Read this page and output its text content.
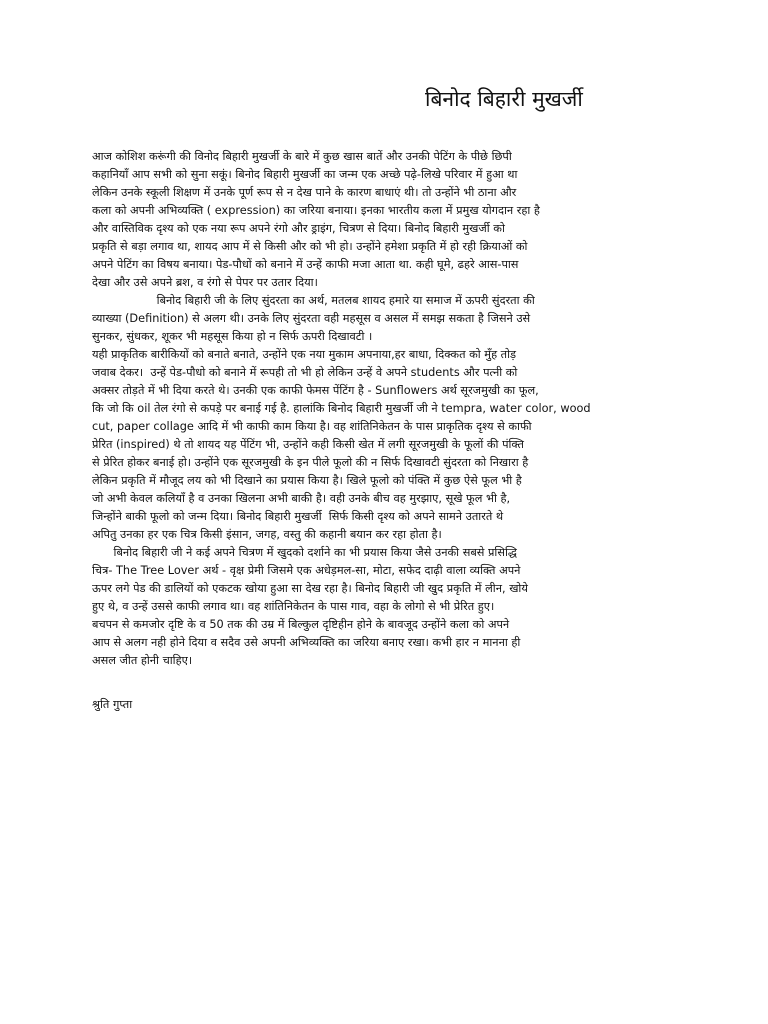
बिनोद बिहारी मुखर्जी
आज कोशिश करूंगी की विनोद बिहारी मुखर्जी के बारे में कुछ खास बातें और उनकी पेटिंग के पीछे छिपी
कहानियाँ आप सभी को सुना सकूं। बिनोद बिहारी मुखर्जी का जन्म एक अच्छे पढ़े-लिखे परिवार में हुआ था
लेकिन उनके स्कूली शिक्षण में उनके पूर्ण रूप से न देख पाने के कारण बाधाएं थी। तो उन्होंने भी ठाना और
कला को अपनी अभिव्यक्ति ( expression) का जरिया बनाया। इनका भारतीय कला में प्रमुख योगदान रहा है
और वास्तिविक दृश्य को एक नया रूप अपने रंगो और ड्राइंग, चित्रण से दिया। बिनोद बिहारी मुखर्जी को
प्रकृति से बड़ा लगाव था, शायद आप में से किसी और को भी हो। उन्होंने हमेशा प्रकृति में हो रही क्रियाओं को
अपने पेटिंग का विषय बनाया। पेड-पौधों को बनाने में उन्हें काफी मजा आता था. कही घूमे, ढहरे आस-पास
देखा और उसे अपने ब्रश, व रंगो से पेपर पर उतार दिया।
बिनोद बिहारी जी के लिए सुंदरता का अर्थ, मतलब शायद हमारे या समाज में ऊपरी सुंदरता की
व्याख्या (Definition) से अलग थी। उनके लिए सुंदरता वही महसूस व असल में समझ सकता है जिसने उसे
सुनकर, सुंधकर, शूकर भी महसूस किया हो न सिर्फ ऊपरी दिखावटी ।
यही प्राकृतिक बारीकियों को बनाते बनाते, उन्होंने एक नया मुकाम अपनाया,हर बाधा, दिक्कत को मुँह तोड़
जवाब देकर।  उन्हें पेड-पौधो को बनाने में रूपही तो भी हो लेकिन उन्हें वे अपने students और पत्नी को
अक्सर तोड़ते में भी दिया करते थे। उनकी एक काफी फेमस पेंटिंग है - Sunflowers अर्थ सूरजमुखी का फूल,
कि जो कि oil तेल रंगो से कपड़े पर बनाई गई है. हालांकि बिनोद बिहारी मुखर्जी जी ने tempra, water color, wood
cut, paper collage आदि में भी काफी काम किया है। वह शांतिनिकेतन के पास प्राकृतिक दृश्य से काफी
प्रेरित (inspired) थे तो शायद यह पेंटिंग भी, उन्होंने कही किसी खेत में लगी सूरजमुखी के फूलों की पंक्ति
से प्रेरित होकर बनाई हो। उन्होंने एक सूरजमुखी के इन पीले फूलो की न सिर्फ दिखावटी सुंदरता को निखारा है
लेकिन प्रकृति में मौजूद लय को भी दिखाने का प्रयास किया है। खिले फूलो को पंक्ति में कुछ ऐसे फूल भी है
जो अभी केवल कलियाँ है व उनका खिलना अभी बाकी है। वही उनके बीच वह मुरझाए, सूखे फूल भी है,
जिन्होंने बाकी फूलो को जन्म दिया। बिनोद बिहारी मुखर्जी  सिर्फ किसी दृश्य को अपने सामने उतारते थे
अपितु उनका हर एक चित्र किसी इंसान, जगह, वस्तु की कहानी बयान कर रहा होता है।
बिनोद बिहारी जी ने कई अपने चित्रण में खुदको दर्शाने का भी प्रयास किया जैसे उनकी सबसे प्रसिद्धि
चित्र- The Tree Lover अर्थ - वृक्ष प्रेमी जिसमे एक अधेड़मल-सा, मोटा, सफेद दाढ़ी वाला व्यक्ति अपने
ऊपर लगे पेड की डालियों को एकटक खोया हुआ सा देख रहा है। बिनोद बिहारी जी खुद प्रकृति में लीन, खोये
हुए थे, व उन्हें उससे काफी लगाव था। वह शांतिनिकेतन के पास गाव, वहा के लोगो से भी प्रेरित हुए।
बचपन से कमजोर दृष्टि के व 50 तक की उम्र में बिल्कुल दृष्टिहीन होने के बावजूद उन्होंने कला को अपने
आप से अलग नही होने दिया व सदैव उसे अपनी अभिव्यक्ति का जरिया बनाए रखा। कभी हार न मानना ही
असल जीत होनी चाहिए।
श्रुति गुप्ता
